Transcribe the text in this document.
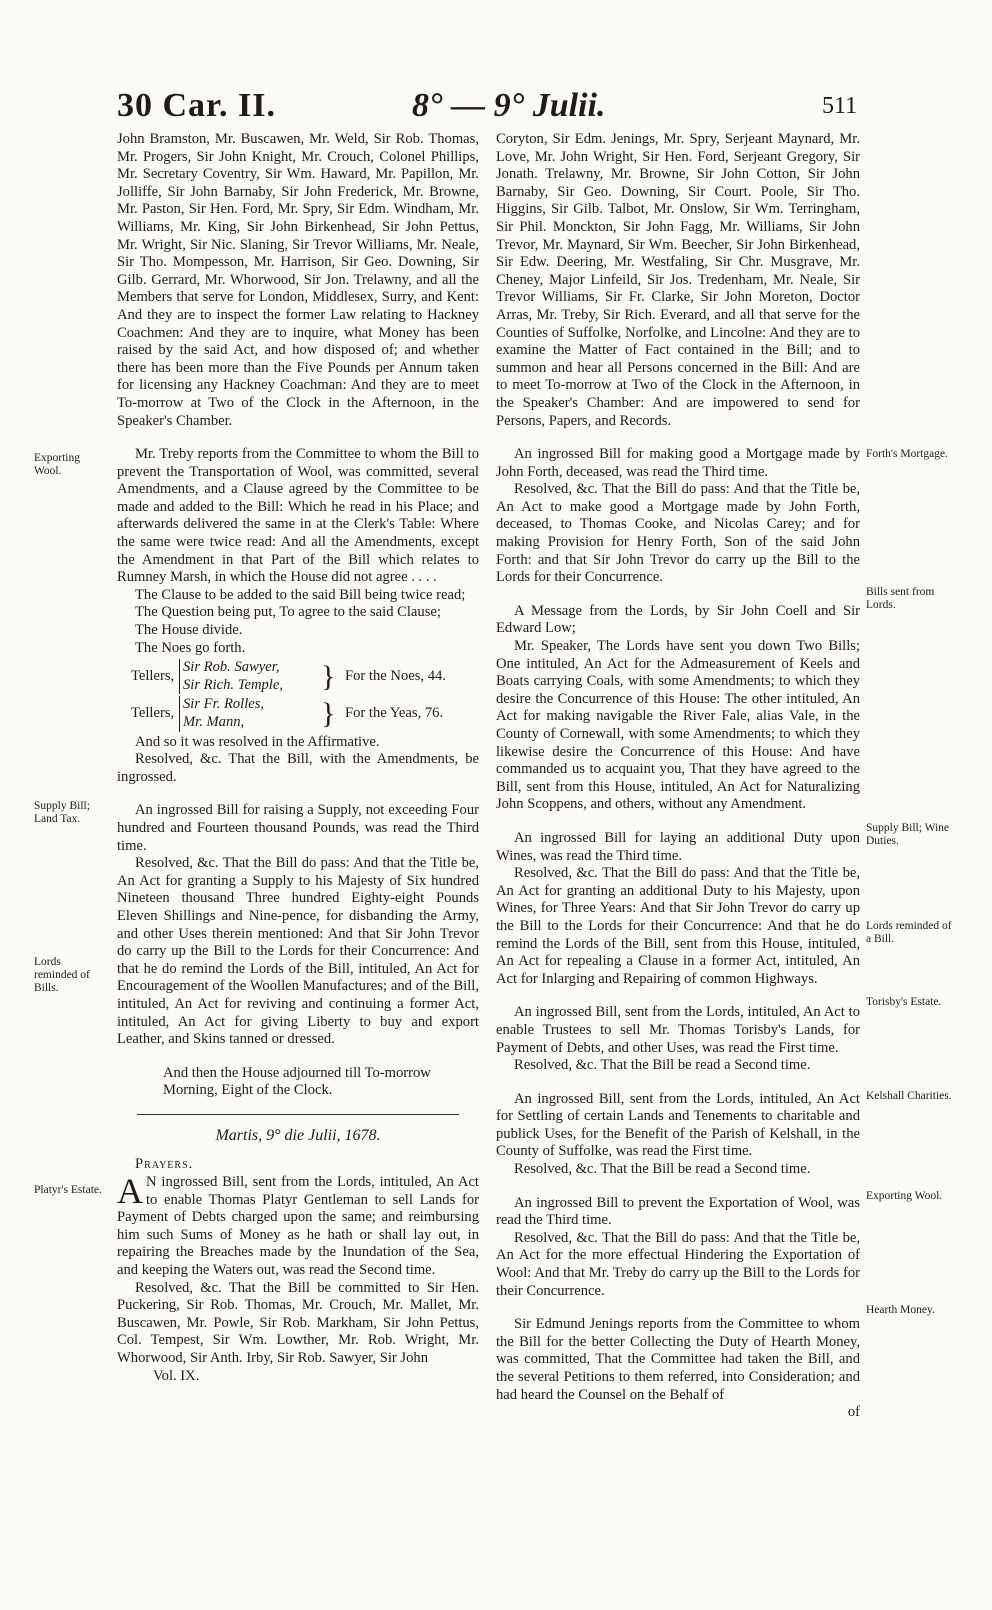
30 Car. II.	8° — 9° Julii.	511

John Bramston, Mr. Buscawen, Mr. Weld, Sir Rob. Thomas, Mr. Progers, Sir John Knight, Mr. Crouch, Colonel Phillips, Mr. Secretary Coventry, Sir Wm. Haward, Mr. Papillon, Mr. Jolliffe, Sir John Barnaby, Sir John Frederick, Mr. Browne, Mr. Paston, Sir Hen. Ford, Mr. Spry, Sir Edm. Windham, Mr. Williams, Mr. King, Sir John Birkenhead, Sir John Pettus, Mr. Wright, Sir Nic. Slaning, Sir Trevor Williams, Mr. Neale, Sir Tho. Mompesson, Mr. Harrison, Sir Geo. Downing, Sir Gilb. Gerrard, Mr. Whorwood, Sir Jon. Trelawny, and all the Members that serve for London, Middlesex, Surry, and Kent: And they are to inspect the former Law relating to Hackney Coachmen: And they are to inquire, what Money has been raised by the said Act, and how disposed of; and whether there has been more than the Five Pounds per Annum taken for licensing any Hackney Coachman: And they are to meet To-morrow at Two of the Clock in the Afternoon, in the Speaker's Chamber.

Mr. Treby reports from the Committee to whom the Bill to prevent the Transportation of Wool, was committed, several Amendments, and a Clause agreed by the Committee to be made and added to the Bill: Which he read in his Place; and afterwards delivered the same in at the Clerk's Table: Where the same were twice read: And all the Amendments, except the Amendment in that Part of the Bill which relates to Rumney Marsh, in which the House did not agree . . . .

The Clause to be added to the said Bill being twice read;

The Question being put, To agree to the said Clause;

The House divide.

The Noes go forth.

Tellers,
Sir Rob. Sawyer,
Sir Rich. Temple,	} For the Noes, 44.
Tellers,
Sir Fr. Rolles,
Mr. Mann,	} For the Yeas, 76.

And so it was resolved in the Affirmative.

Resolved, &c. That the Bill, with the Amendments, be ingrossed.

An ingrossed Bill for raising a Supply, not exceeding Four hundred and Fourteen thousand Pounds, was read the Third time.

Resolved, &c. That the Bill do pass: And that the Title be, An Act for granting a Supply to his Majesty of Six hundred Nineteen thousand Three hundred Eighty-eight Pounds Eleven Shillings and Nine-pence, for disbanding the Army, and other Uses therein mentioned: And that Sir John Trevor do carry up the Bill to the Lords for their Concurrence: And that he do remind the Lords of the Bill, intituled, An Act for Encouragement of the Woollen Manufactures; and of the Bill, intituled, An Act for reviving and continuing a former Act, intituled, An Act for giving Liberty to buy and export Leather, and Skins tanned or dressed.

And then the House adjourned till To-morrow Morning, Eight of the Clock.

Martis, 9° die Julii, 1678.

Prayers.

A N ingrossed Bill, sent from the Lords, intituled, An Act to enable Thomas Platyr Gentleman to sell Lands for Payment of Debts charged upon the same; and reimbursing him such Sums of Money as he hath or shall lay out, in repairing the Breaches made by the Inundation of the Sea, and keeping the Waters out, was read the Second time.

Resolved, &c. That the Bill be committed to Sir Hen. Puckering, Sir Rob. Thomas, Mr. Crouch, Mr. Mallet, Mr. Buscawen, Mr. Powle, Sir Rob. Markham, Sir John Pettus, Col. Tempest, Sir Wm. Lowther, Mr. Rob. Wright, Mr. Whorwood, Sir Anth. Irby, Sir Rob. Sawyer, Sir John

Vol. IX.

Coryton, Sir Edm. Jenings, Mr. Spry, Serjeant Maynard, Mr. Love, Mr. John Wright, Sir Hen. Ford, Serjeant Gregory, Sir Jonath. Trelawny, Mr. Browne, Sir John Cotton, Sir John Barnaby, Sir Geo. Downing, Sir Court. Poole, Sir Tho. Higgins, Sir Gilb. Talbot, Mr. Onslow, Sir Wm. Terringham, Sir Phil. Monckton, Sir John Fagg, Mr. Williams, Sir John Trevor, Mr. Maynard, Sir Wm. Beecher, Sir John Birkenhead, Sir Edw. Deering, Mr. Westfaling, Sir Chr. Musgrave, Mr. Cheney, Major Linfeild, Sir Jos. Tredenham, Mr. Neale, Sir Trevor Williams, Sir Fr. Clarke, Sir John Moreton, Doctor Arras, Mr. Treby, Sir Rich. Everard, and all that serve for the Counties of Suffolke, Norfolke, and Lincolne: And they are to examine the Matter of Fact contained in the Bill; and to summon and hear all Persons concerned in the Bill: And are to meet To-morrow at Two of the Clock in the Afternoon, in the Speaker's Chamber: And are impowered to send for Persons, Papers, and Records.

An ingrossed Bill for making good a Mortgage made by John Forth, deceased, was read the Third time.

Resolved, &c. That the Bill do pass: And that the Title be, An Act to make good a Mortgage made by John Forth, deceased, to Thomas Cooke, and Nicolas Carey; and for making Provision for Henry Forth, Son of the said John Forth: and that Sir John Trevor do carry up the Bill to the Lords for their Concurrence.

A Message from the Lords, by Sir John Coell and Sir Edward Low;

Mr. Speaker, The Lords have sent you down Two Bills; One intituled, An Act for the Admeasurement of Keels and Boats carrying Coals, with some Amendments; to which they desire the Concurrence of this House: The other intituled, An Act for making navigable the River Fale, alias Vale, in the County of Cornewall, with some Amendments; to which they likewise desire the Concurrence of this House: And have commanded us to acquaint you, That they have agreed to the Bill, sent from this House, intituled, An Act for Naturalizing John Scoppens, and others, without any Amendment.

An ingrossed Bill for laying an additional Duty upon Wines, was read the Third time.

Resolved, &c. That the Bill do pass: And that the Title be, An Act for granting an additional Duty to his Majesty, upon Wines, for Three Years: And that Sir John Trevor do carry up the Bill to the Lords for their Concurrence: And that he do remind the Lords of the Bill, sent from this House, intituled, An Act for repealing a Clause in a former Act, intituled, An Act for Inlarging and Repairing of common Highways.

An ingrossed Bill, sent from the Lords, intituled, An Act to enable Trustees to sell Mr. Thomas Torisby's Lands, for Payment of Debts, and other Uses, was read the First time.

Resolved, &c. That the Bill be read a Second time.

An ingrossed Bill, sent from the Lords, intituled, An Act for Settling of certain Lands and Tenements to charitable and publick Uses, for the Benefit of the Parish of Kelshall, in the County of Suffolke, was read the First time.

Resolved, &c. That the Bill be read a Second time.

An ingrossed Bill to prevent the Exportation of Wool, was read the Third time.

Resolved, &c. That the Bill do pass: And that the Title be, An Act for the more effectual Hindering the Exportation of Wool: And that Mr. Treby do carry up the Bill to the Lords for their Concurrence.

Sir Edmund Jenings reports from the Committee to whom the Bill for the better Collecting the Duty of Hearth Money, was committed, That the Committee had taken the Bill, and the several Petitions to them referred, into Consideration; and had heard the Counsel on the Behalf of

of

Exporting Wool.
Supply Bill; Land Tax.
Lords reminded of Bills.
Platyr's Estate.
Forth's Mortgage.
Bills sent from Lords.
Supply Bill; Wine Duties.
Lords reminded of a Bill.
Torisby's Estate.
Kelshall Charities.
Exporting Wool.
Hearth Money.
